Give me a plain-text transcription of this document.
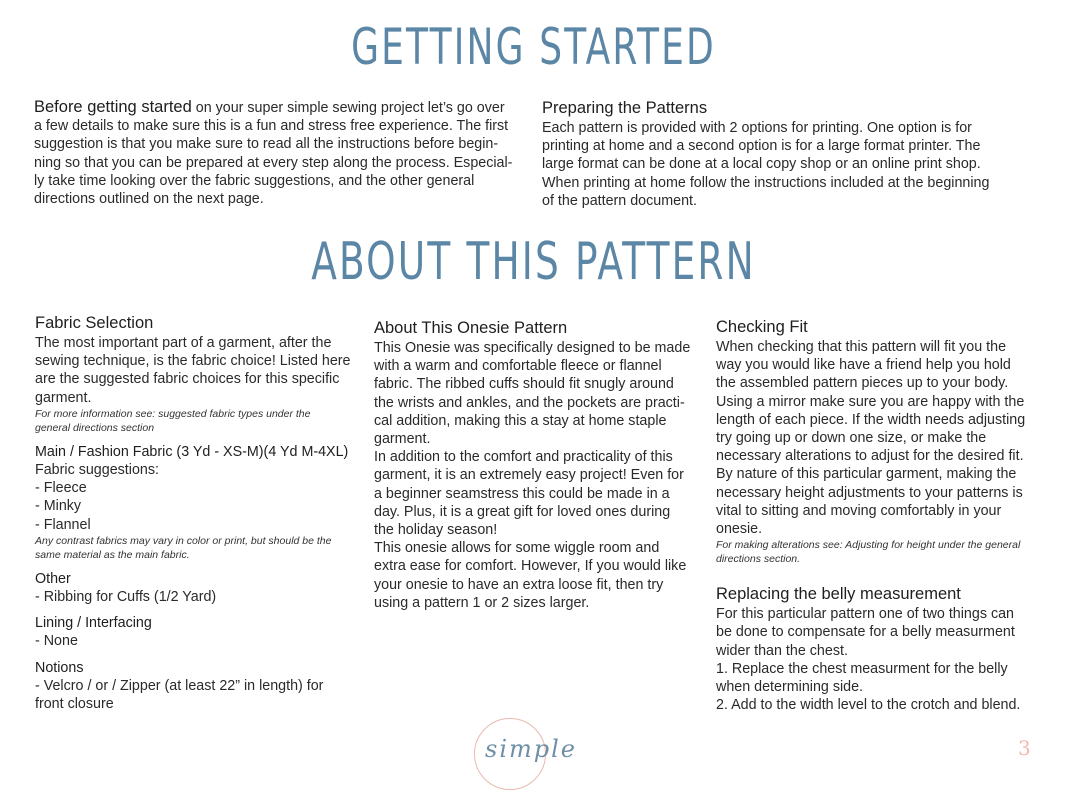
GETTING STARTED
Before getting started on your super simple sewing project let’s go over
a few details to make sure this is a fun and stress free experience. The first
suggestion is that you make sure to read all the instructions before begin-
ning so that you can be prepared at every step along the process. Especial-
ly take time looking over the fabric suggestions, and the other general
directions outlined on the next page.
Preparing the Patterns
Each pattern is provided with 2 options for printing. One option is for
printing at home and a second option is for a large format printer. The
large format can be done at a local copy shop or an online print shop.
When printing at home follow the instructions included at the beginning
of the pattern document.
ABOUT THIS PATTERN
Fabric Selection
The most important part of a garment, after the
sewing technique, is the fabric choice! Listed here
are the suggested fabric choices for this specific
garment.
For more information see: suggested fabric types under the
general directions section
Main / Fashion Fabric (3 Yd - XS-M)(4 Yd M-4XL)
Fabric suggestions:
- Fleece
- Minky
- Flannel
Any contrast fabrics may vary in color or print, but should be the
same material as the main fabric.
Other
- Ribbing for Cuffs (1/2 Yard)
Lining / Interfacing
- None
Notions
- Velcro / or / Zipper (at least 22” in length) for
front closure
About This Onesie Pattern
This Onesie was specifically designed to be made
with a warm and comfortable fleece or flannel
fabric. The ribbed cuffs should fit snugly around
the wrists and ankles, and the pockets are practi-
cal addition, making this a stay at home staple
garment.
In addition to the comfort and practicality of this
garment, it is an extremely easy project! Even for
a beginner seamstress this could be made in a
day. Plus, it is a great gift for loved ones during
the holiday season!
This onesie allows for some wiggle room and
extra ease for comfort. However, If you would like
your onesie to have an extra loose fit, then try
using a pattern 1 or 2 sizes larger.
Checking Fit
When checking that this pattern will fit you the
way you would like have a friend help you hold
the assembled pattern pieces up to your body.
Using a mirror make sure you are happy with the
length of each piece. If the width needs adjusting
try going up or down one size, or make the
necessary alterations to adjust for the desired fit.
By nature of this particular garment, making the
necessary height adjustments to your patterns is
vital to sitting and moving comfortably in your
onesie.
For making alterations see: Adjusting for height under the general
directions section.
Replacing the belly measurement
For this particular pattern one of two things can
be done to compensate for a belly measurment
wider than the chest.
1. Replace the chest measurment for the belly
when determining side.
2. Add to the width level to the crotch and blend.
simple	3
